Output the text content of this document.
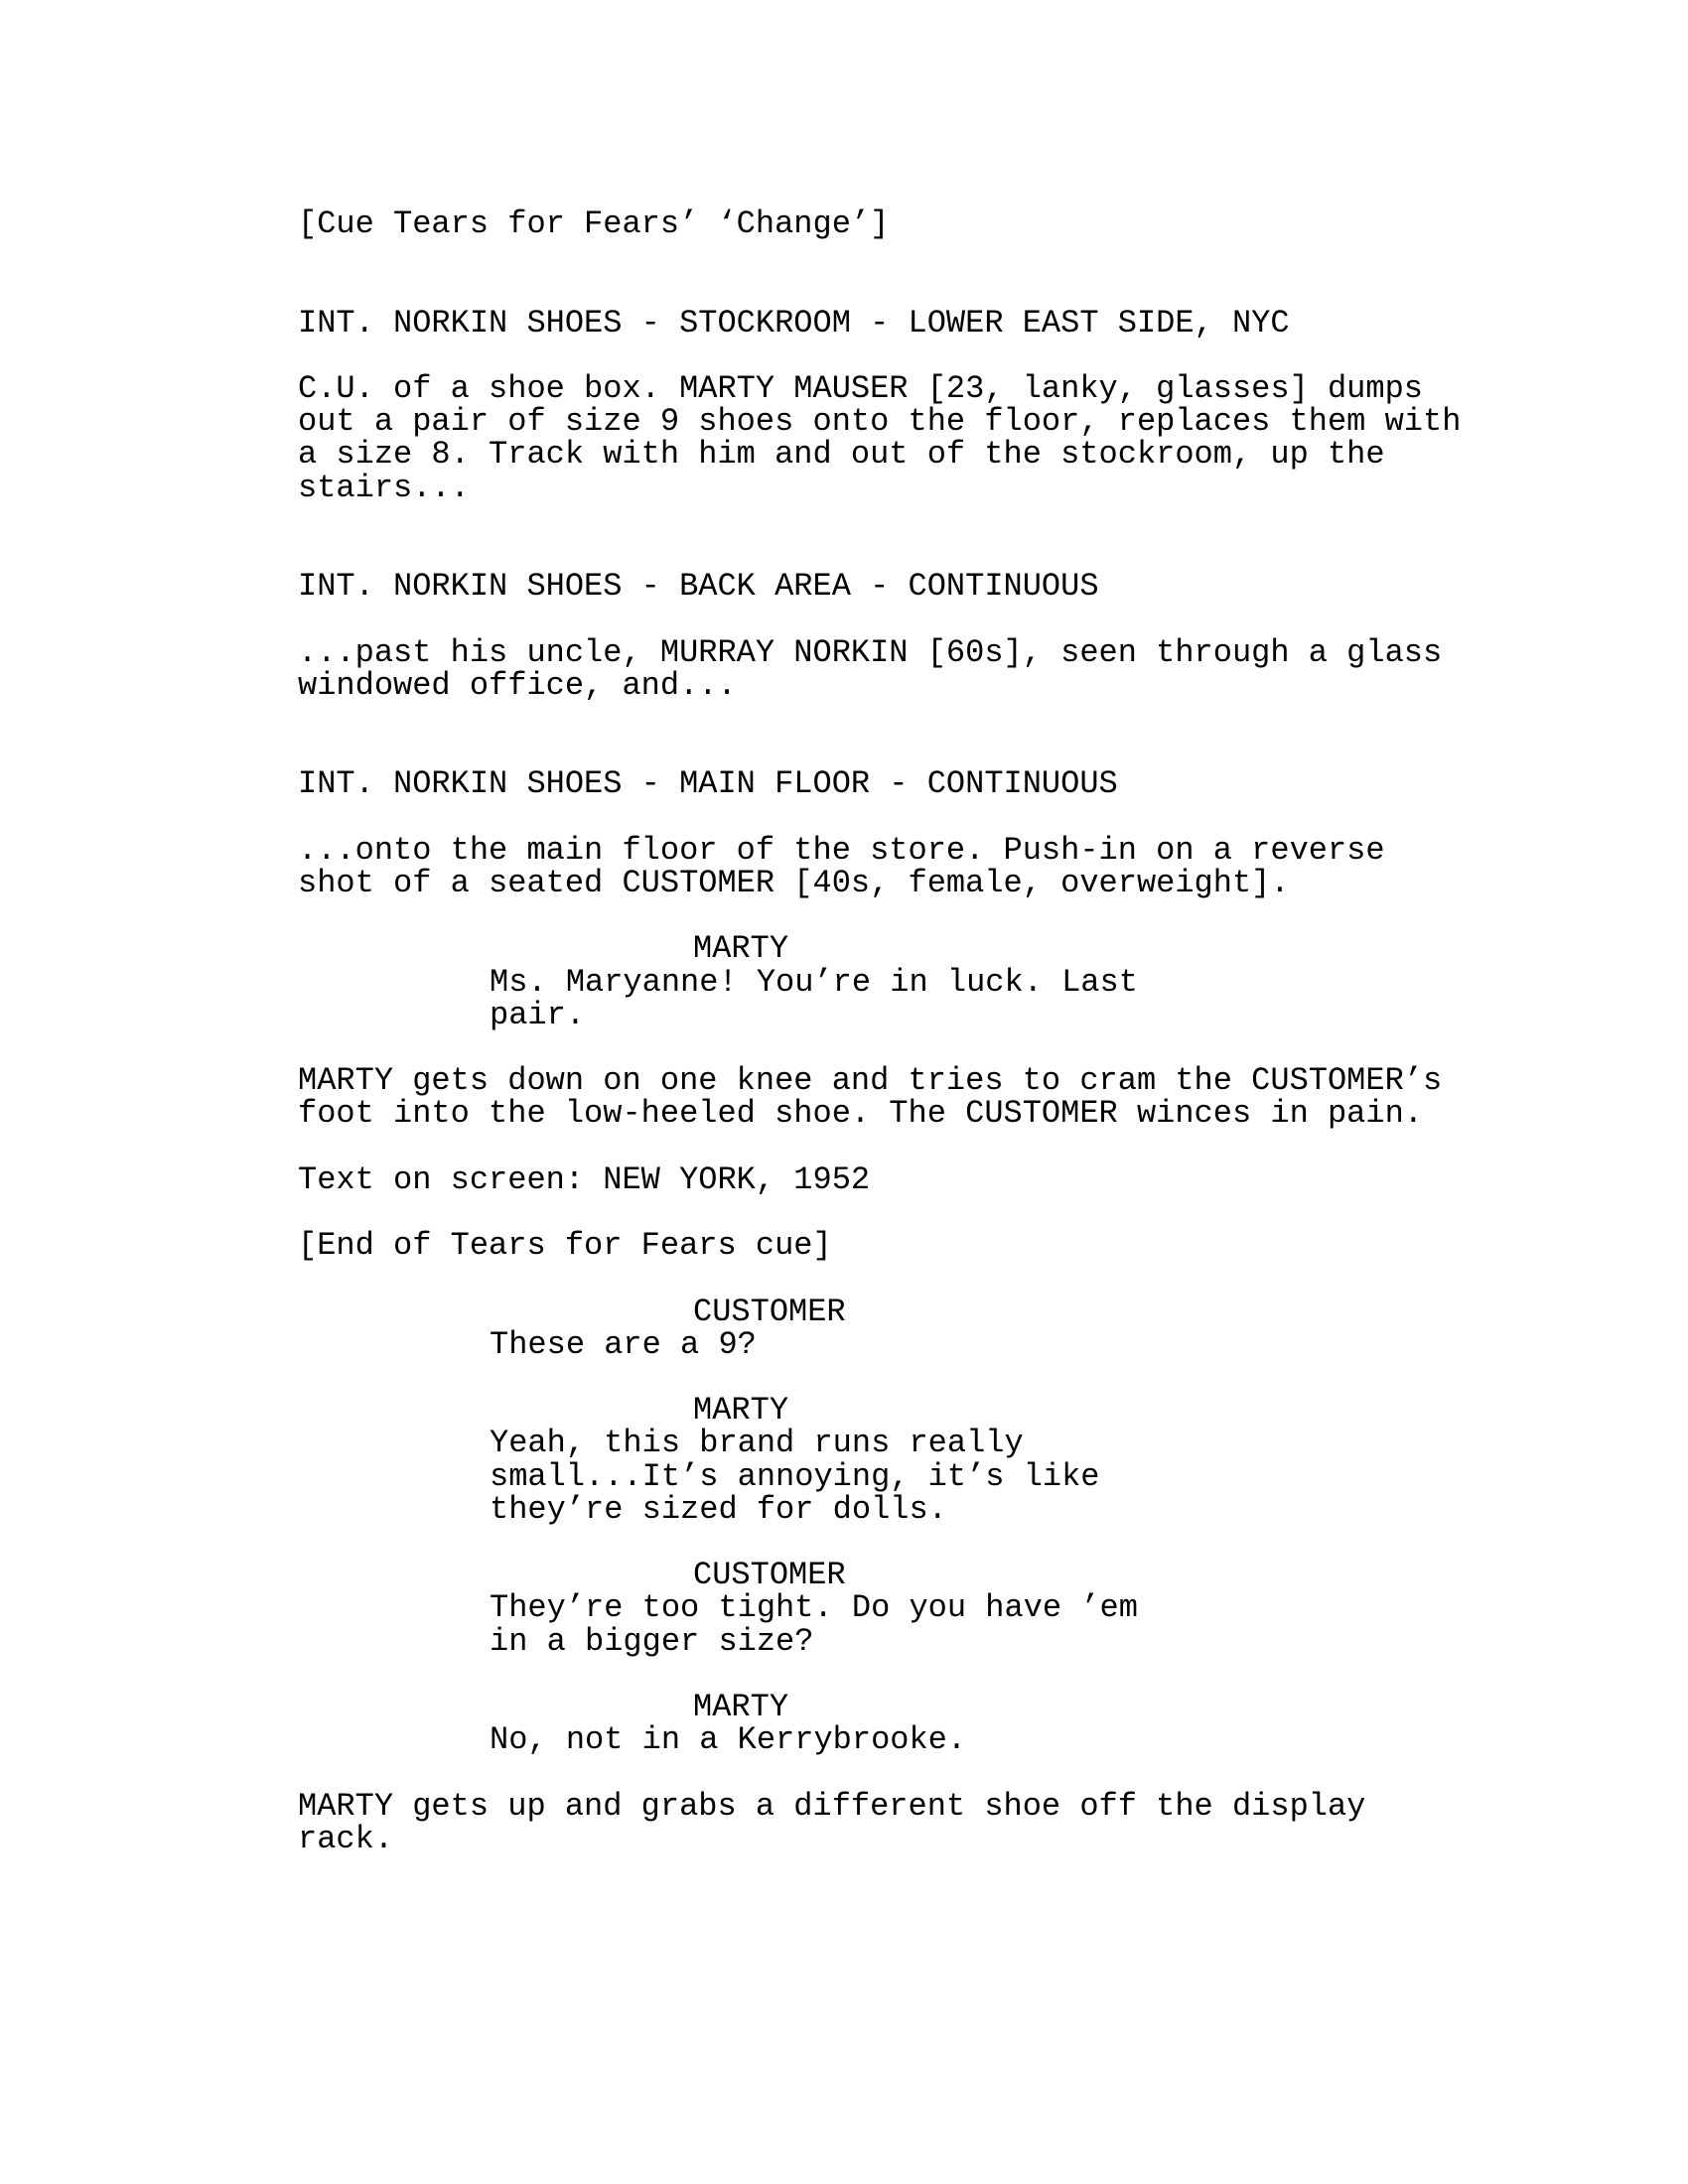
[Cue Tears for Fears’ ‘Change’]
INT. NORKIN SHOES - STOCKROOM - LOWER EAST SIDE, NYC
C.U. of a shoe box. MARTY MAUSER [23, lanky, glasses] dumps
out a pair of size 9 shoes onto the floor, replaces them with
a size 8. Track with him and out of the stockroom, up the
stairs...
INT. NORKIN SHOES - BACK AREA - CONTINUOUS
...past his uncle, MURRAY NORKIN [60s], seen through a glass
windowed office, and...
INT. NORKIN SHOES - MAIN FLOOR - CONTINUOUS
...onto the main floor of the store. Push-in on a reverse
shot of a seated CUSTOMER [40s, female, overweight].
MARTY
Ms. Maryanne! You’re in luck. Last
pair.
MARTY gets down on one knee and tries to cram the CUSTOMER’s
foot into the low-heeled shoe. The CUSTOMER winces in pain.
Text on screen: NEW YORK, 1952
[End of Tears for Fears cue]
CUSTOMER
These are a 9?
MARTY
Yeah, this brand runs really
small...It’s annoying, it’s like
they’re sized for dolls.
CUSTOMER
They’re too tight. Do you have ’em
in a bigger size?
MARTY
No, not in a Kerrybrooke.
MARTY gets up and grabs a different shoe off the display
rack.
